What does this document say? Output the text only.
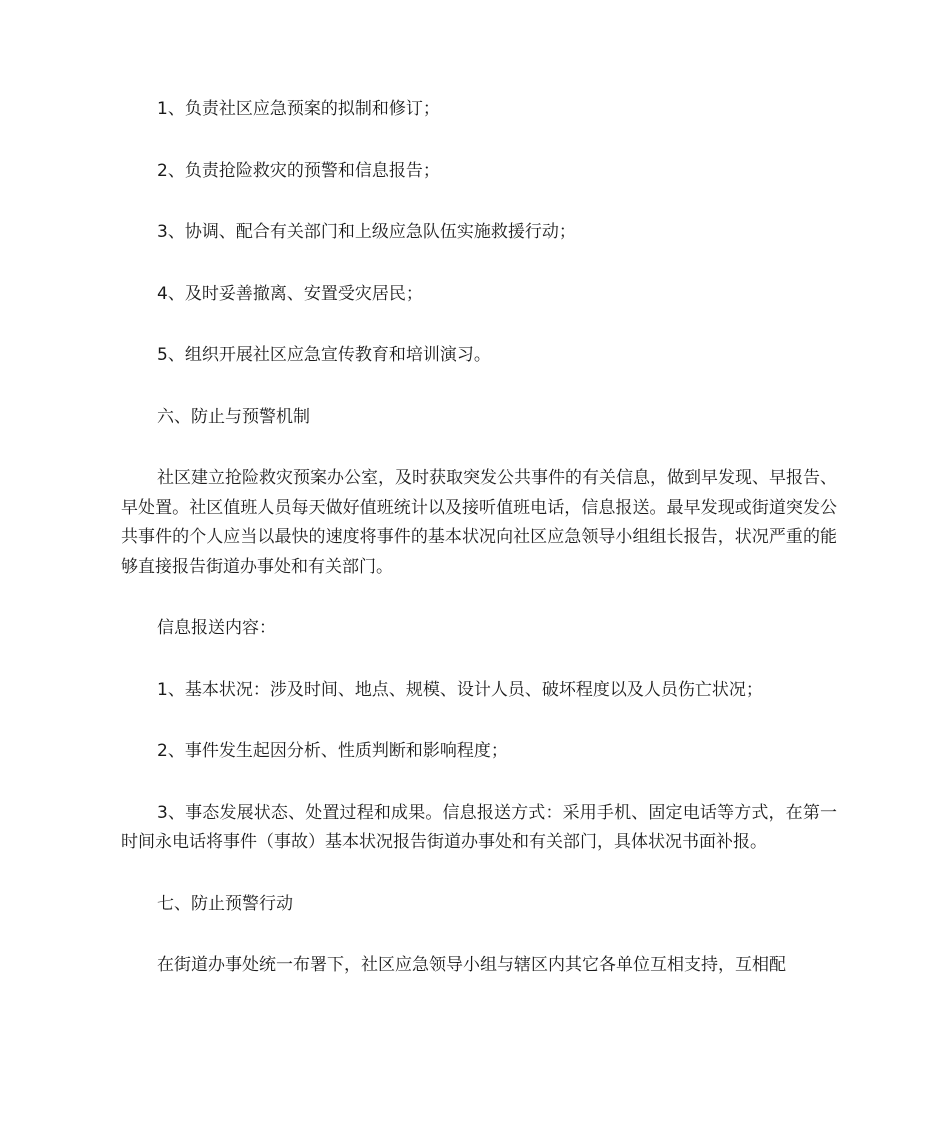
1、负责社区应急预案的拟制和修订；

2、负责抢险救灾的预警和信息报告；

3、协调、配合有关部门和上级应急队伍实施救援行动；

4、及时妥善撤离、安置受灾居民；

5、组织开展社区应急宣传教育和培训演习。

六、防止与预警机制

社区建立抢险救灾预案办公室，及时获取突发公共事件的有关信息，做到早发现、早报告、早处置。社区值班人员每天做好值班统计以及接听值班电话，信息报送。最早发现或街道突发公共事件的个人应当以最快的速度将事件的基本状况向社区应急领导小组组长报告，状况严重的能够直接报告街道办事处和有关部门。

信息报送内容：

1、基本状况：涉及时间、地点、规模、设计人员、破坏程度以及人员伤亡状况；

2、事件发生起因分析、性质判断和影响程度；

3、事态发展状态、处置过程和成果。信息报送方式：采用手机、固定电话等方式，在第一时间永电话将事件（事故）基本状况报告街道办事处和有关部门，具体状况书面补报。

七、防止预警行动

在街道办事处统一布署下，社区应急领导小组与辖区内其它各单位互相支持，互相配
